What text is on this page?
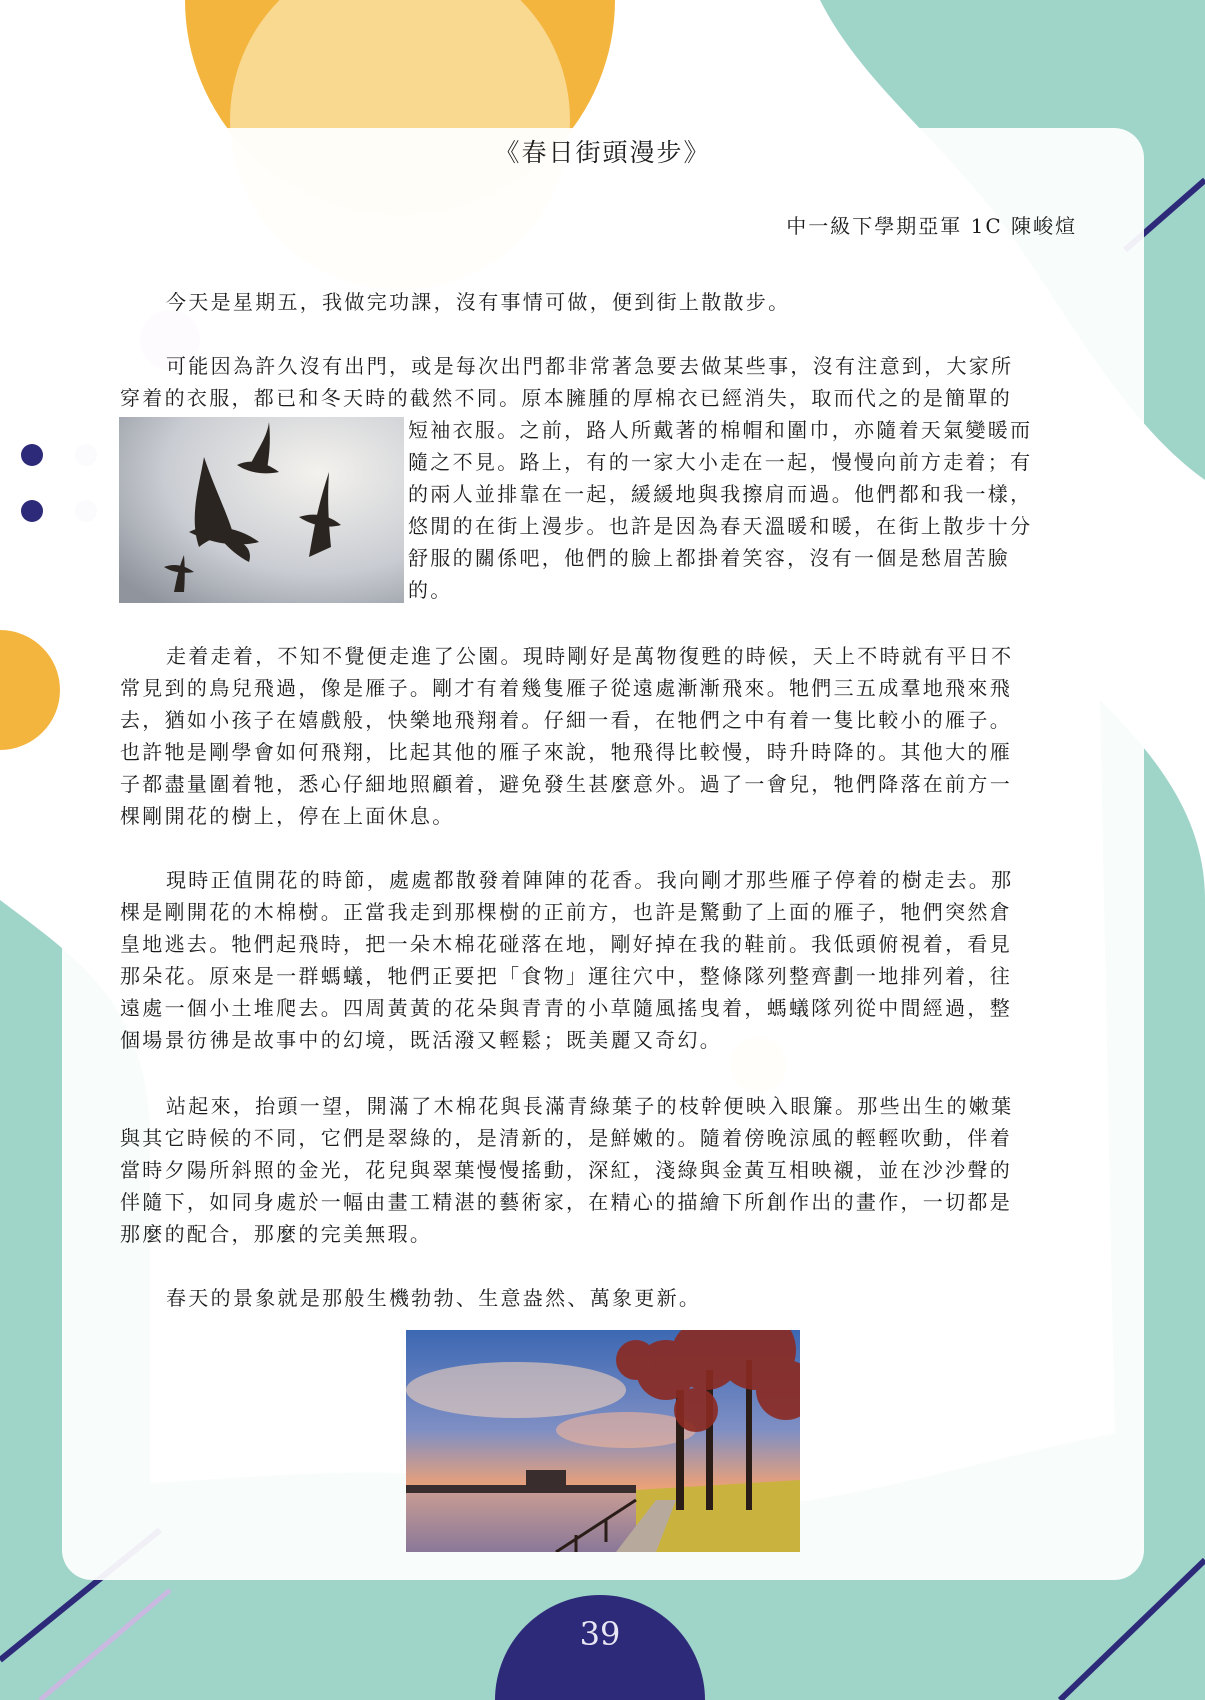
《春日街頭漫步》
中一級下學期亞軍 1C 陳峻煊
今天是星期五，我做完功課，沒有事情可做，便到街上散散步。
可能因為許久沒有出門，或是每次出門都非常著急要去做某些事，沒有注意到，大家所
穿着的衣服，都已和冬天時的截然不同。原本臃腫的厚棉衣已經消失，取而代之的是簡單的
短袖衣服。之前，路人所戴著的棉帽和圍巾，亦隨着天氣變暖而
隨之不見。路上，有的一家大小走在一起，慢慢向前方走着；有
的兩人並排靠在一起，緩緩地與我擦肩而過。他們都和我一樣，
悠閒的在街上漫步。也許是因為春天溫暖和暖，在街上散步十分
舒服的關係吧，他們的臉上都掛着笑容，沒有一個是愁眉苦臉
的。
走着走着，不知不覺便走進了公園。現時剛好是萬物復甦的時候，天上不時就有平日不
常見到的鳥兒飛過，像是雁子。剛才有着幾隻雁子從遠處漸漸飛來。牠們三五成羣地飛來飛
去，猶如小孩子在嬉戲般，快樂地飛翔着。仔細一看，在牠們之中有着一隻比較小的雁子。
也許牠是剛學會如何飛翔，比起其他的雁子來說，牠飛得比較慢，時升時降的。其他大的雁
子都盡量圍着牠，悉心仔細地照顧着，避免發生甚麼意外。過了一會兒，牠們降落在前方一
棵剛開花的樹上，停在上面休息。
現時正值開花的時節，處處都散發着陣陣的花香。我向剛才那些雁子停着的樹走去。那
棵是剛開花的木棉樹。正當我走到那棵樹的正前方，也許是驚動了上面的雁子，牠們突然倉
皇地逃去。牠們起飛時，把一朵木棉花碰落在地，剛好掉在我的鞋前。我低頭俯視着，看見
那朵花。原來是一群螞蟻，牠們正要把「食物」運往穴中，整條隊列整齊劃一地排列着，往
遠處一個小土堆爬去。四周黃黃的花朵與青青的小草隨風搖曳着，螞蟻隊列從中間經過，整
個場景彷彿是故事中的幻境，既活潑又輕鬆；既美麗又奇幻。
站起來，抬頭一望，開滿了木棉花與長滿青綠葉子的枝幹便映入眼簾。那些出生的嫩葉
與其它時候的不同，它們是翠綠的，是清新的，是鮮嫩的。隨着傍晚涼風的輕輕吹動，伴着
當時夕陽所斜照的金光，花兒與翠葉慢慢搖動，深紅，淺綠與金黃互相映襯，並在沙沙聲的
伴隨下，如同身處於一幅由畫工精湛的藝術家，在精心的描繪下所創作出的畫作，一切都是
那麼的配合，那麼的完美無瑕。
春天的景象就是那般生機勃勃、生意盎然、萬象更新。
39
